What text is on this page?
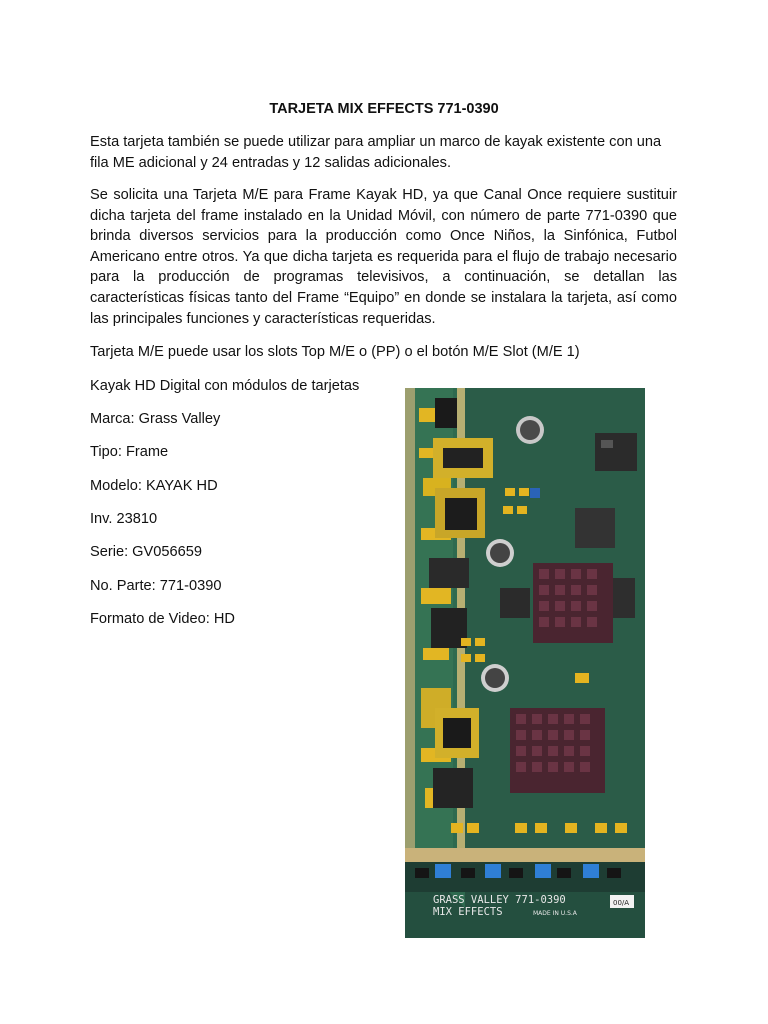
TARJETA MIX EFFECTS 771-0390

Esta tarjeta también se puede utilizar para ampliar un marco de kayak existente con una fila ME adicional y 24 entradas y 12 salidas adicionales.

Se solicita una Tarjeta M/E para Frame Kayak HD, ya que Canal Once requiere sustituir dicha tarjeta del frame instalado en la Unidad Móvil, con número de parte 771-0390 que brinda diversos servicios para la producción como Once Niños, la Sinfónica, Futbol Americano entre otros. Ya que dicha tarjeta es requerida para el flujo de trabajo necesario para la producción de programas televisivos, a continuación, se detallan las características físicas tanto del Frame “Equipo” en donde se instalara la tarjeta, así como las principales funciones y características requeridas.

Tarjeta M/E puede usar los slots Top M/E o (PP) o el botón M/E Slot (M/E 1)

Kayak HD Digital con módulos de tarjetas

Marca: Grass Valley

Tipo: Frame

Modelo: KAYAK HD

Inv. 23810

Serie: GV056659

No. Parte: 771-0390

Formato de Video: HD

GRASS VALLEY 771-0390
MIX EFFECTS	MADE IN U.S.A
00/A
